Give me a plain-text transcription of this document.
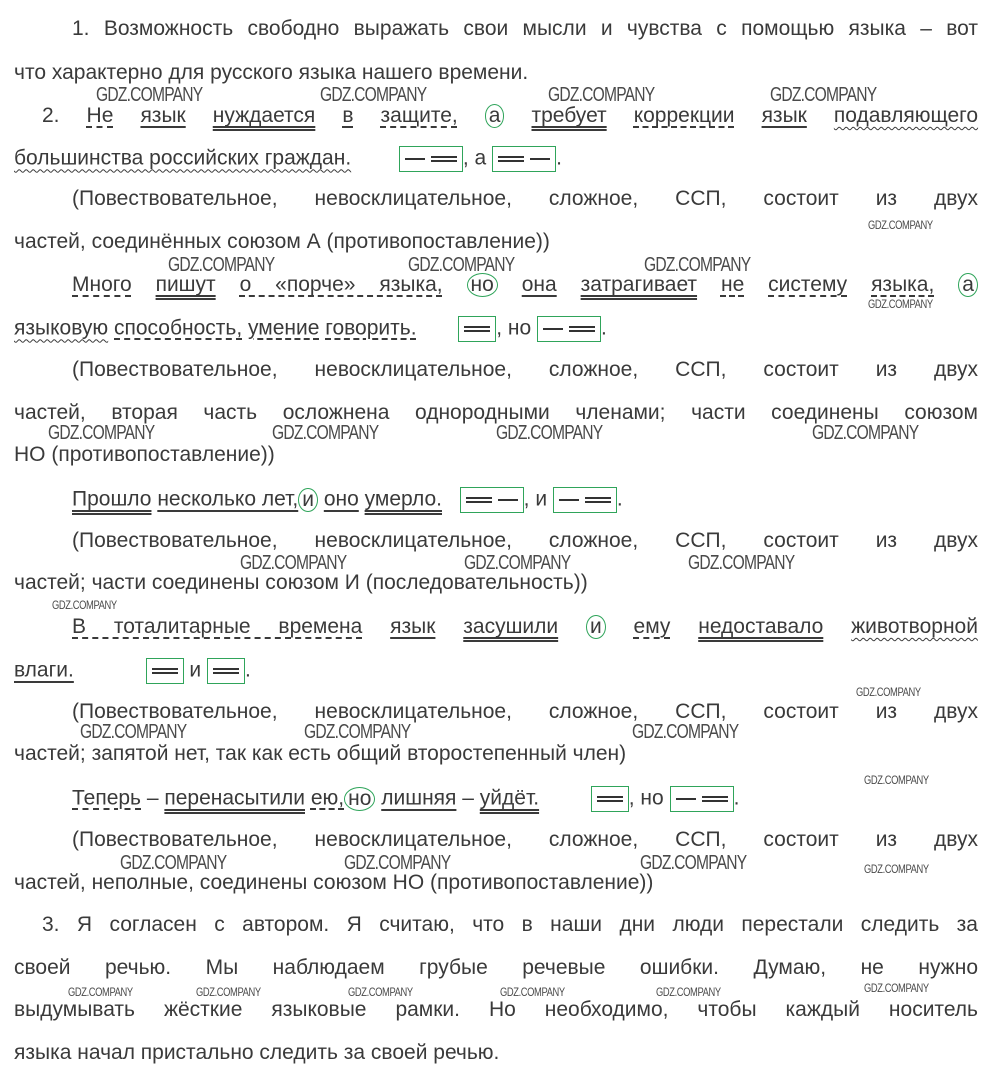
1. Возможность свободно выражать свои мысли и чувства с помощью языка – вот
что характерно для русского языка нашего времени.
2. Не язык нуждается в защите, а требует коррекции язык подавляющего
большинства российских граждан.	, а	.
(Повествовательное, невосклицательное, сложное, ССП, состоит из двух
частей, соединённых союзом А (противопоставление))
Много пишут о «порче» языка, но она затрагивает не систему языка, а
языковую способность, умение говорить.	, но	.
(Повествовательное, невосклицательное, сложное, ССП, состоит из двух
частей, вторая часть осложнена однородными членами; части соединены союзом
НО (противопоставление))
Прошло несколько лет, и оно умерло.	, и	.
(Повествовательное, невосклицательное, сложное, ССП, состоит из двух
частей; части соединены союзом И (последовательность))
В тоталитарные времена язык засушили и ему недоставало животворной
влаги.	и .
(Повествовательное, невосклицательное, сложное, ССП, состоит из двух
частей; запятой нет, так как есть общий второстепенный член)
Теперь – перенасытили ею, но лишняя – уйдёт.	, но	.
(Повествовательное, невосклицательное, сложное, ССП, состоит из двух
частей, неполные, соединены союзом НО (противопоставление))
3. Я согласен с автором. Я считаю, что в наши дни люди перестали следить за
своей речью. Мы наблюдаем грубые речевые ошибки. Думаю, не нужно
выдумывать жёсткие языковые рамки. Но необходимо, чтобы каждый носитель
языка начал пристально следить за своей речью.
GDZ.COMPANY	GDZ.COMPANY	GDZ.COMPANY	GDZ.COMPANY
GDZ.COMPANY
GDZ.COMPANY	GDZ.COMPANY	GDZ.COMPANY
GDZ.COMPANY
GDZ.COMPANY	GDZ.COMPANY	GDZ.COMPANY	GDZ.COMPANY
GDZ.COMPANY	GDZ.COMPANY	GDZ.COMPANY
GDZ.COMPANY
GDZ.COMPANY
GDZ.COMPANY	GDZ.COMPANY	GDZ.COMPANY
GDZ.COMPANY
GDZ.COMPANY	GDZ.COMPANY	GDZ.COMPANY	GDZ.COMPANY
GDZ.COMPANY	GDZ.COMPANY	GDZ.COMPANY	GDZ.COMPANY	GDZ.COMPANY	GDZ.COMPANY
